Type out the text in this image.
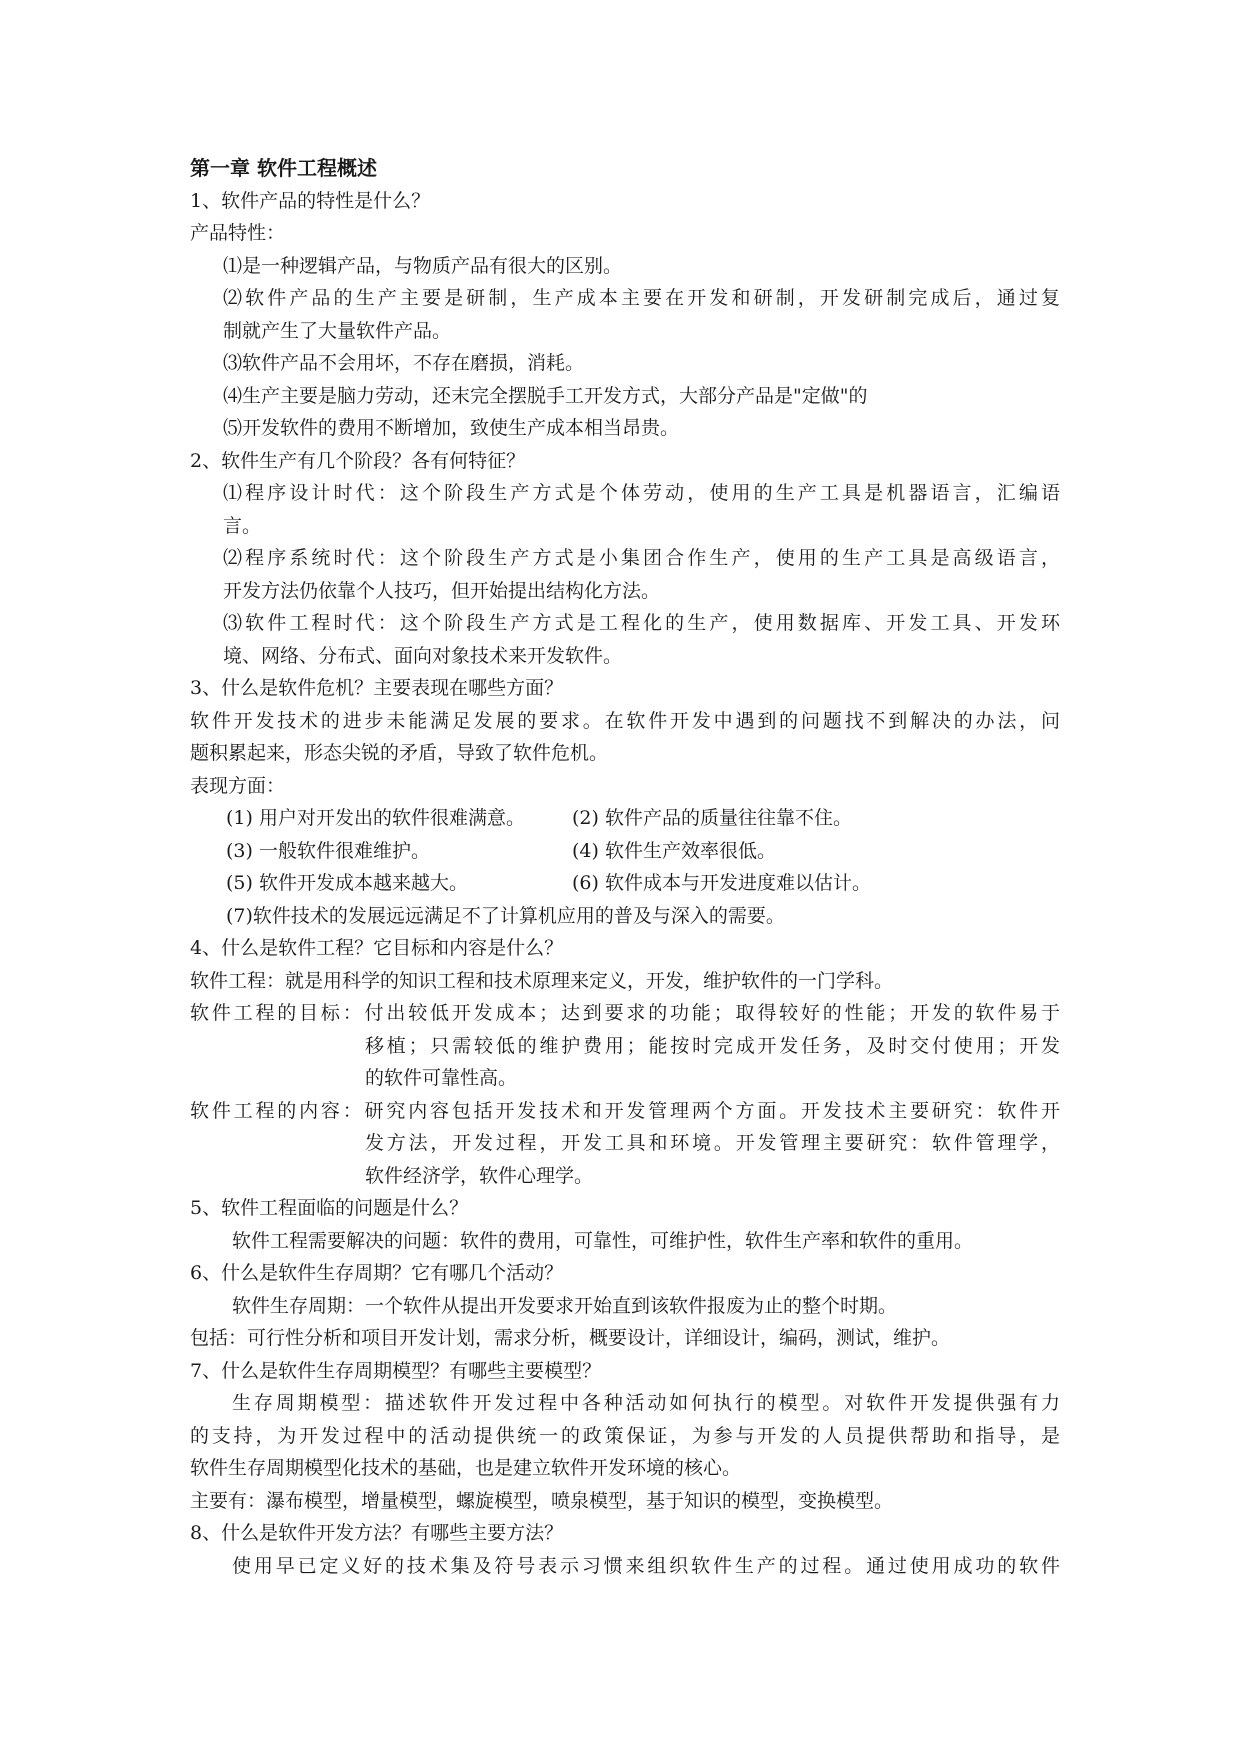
第一章 软件工程概述
1、软件产品的特性是什么？
产品特性：
⑴是一种逻辑产品，与物质产品有很大的区别。
⑵软件产品的生产主要是研制，生产成本主要在开发和研制，开发研制完成后，通过复
制就产生了大量软件产品。
⑶软件产品不会用坏，不存在磨损，消耗。
⑷生产主要是脑力劳动，还末完全摆脱手工开发方式，大部分产品是"定做"的
⑸开发软件的费用不断增加，致使生产成本相当昂贵。
2、软件生产有几个阶段？各有何特征？
⑴程序设计时代：这个阶段生产方式是个体劳动，使用的生产工具是机器语言，汇编语
言。
⑵程序系统时代：这个阶段生产方式是小集团合作生产，使用的生产工具是高级语言，
开发方法仍依靠个人技巧，但开始提出结构化方法。
⑶软件工程时代：这个阶段生产方式是工程化的生产，使用数据库、开发工具、开发环
境、网络、分布式、面向对象技术来开发软件。
3、什么是软件危机？主要表现在哪些方面？
软件开发技术的进步未能满足发展的要求。在软件开发中遇到的问题找不到解决的办法，问
题积累起来，形态尖锐的矛盾，导致了软件危机。
表现方面：
(1) 用户对开发出的软件很难满意。 (2) 软件产品的质量往往靠不住。
(3) 一般软件很难维护。	(4) 软件生产效率很低。
(5) 软件开发成本越来越大。	(6) 软件成本与开发进度难以估计。
(7)软件技术的发展远远满足不了计算机应用的普及与深入的需要。
4、什么是软件工程？它目标和内容是什么？
软件工程：就是用科学的知识工程和技术原理来定义，开发，维护软件的一门学科。
软件工程的目标：付出较低开发成本；达到要求的功能；取得较好的性能；开发的软件易于
移植；只需较低的维护费用；能按时完成开发任务，及时交付使用；开发
的软件可靠性高。
软件工程的内容：研究内容包括开发技术和开发管理两个方面。开发技术主要研究：软件开
发方法，开发过程，开发工具和环境。开发管理主要研究：软件管理学，
软件经济学，软件心理学。
5、软件工程面临的问题是什么？
软件工程需要解决的问题：软件的费用，可靠性，可维护性，软件生产率和软件的重用。
6、什么是软件生存周期？它有哪几个活动？
软件生存周期：一个软件从提出开发要求开始直到该软件报废为止的整个时期。
包括：可行性分析和项目开发计划，需求分析，概要设计，详细设计，编码，测试，维护。
7、什么是软件生存周期模型？有哪些主要模型？
生存周期模型：描述软件开发过程中各种活动如何执行的模型。对软件开发提供强有力
的支持，为开发过程中的活动提供统一的政策保证，为参与开发的人员提供帮助和指导，是
软件生存周期模型化技术的基础，也是建立软件开发环境的核心。
主要有：瀑布模型，增量模型，螺旋模型，喷泉模型，基于知识的模型，变换模型。
8、什么是软件开发方法？有哪些主要方法？
使用早已定义好的技术集及符号表示习惯来组织软件生产的过程。通过使用成功的软件
